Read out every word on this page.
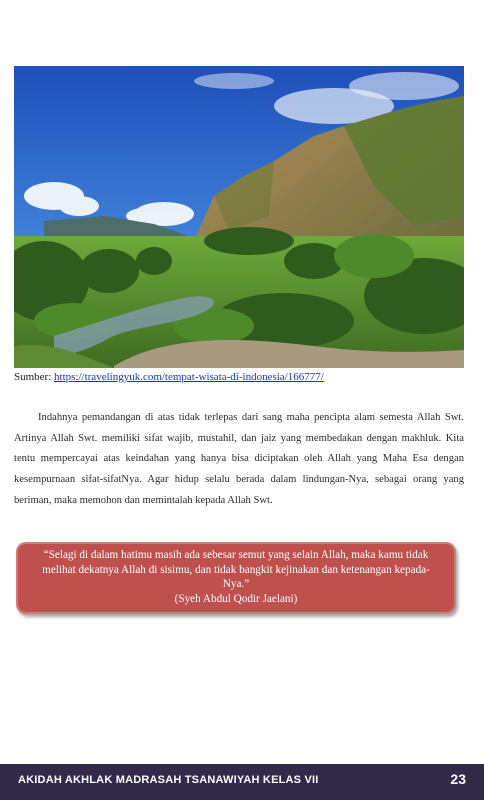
Sumber: https://travelingyuk.com/tempat-wisata-di-indonesia/166777/

Indahnya pemandangan di atas tidak terlepas dari sang maha pencipta alam semesta Allah Swt. Artinya Allah Swt. memiliki sifat wajib, mustahil, dan jaiz yang membedakan dengan makhluk. Kita tentu mempercayai atas keindahan yang hanya bisa diciptakan oleh Allah yang Maha Esa dengan kesempurnaan sifat-sifatNya. Agar hidup selalu berada dalam lindungan-Nya, sebagai orang yang beriman, maka memohon dan memintalah kepada Allah Swt.

“Selagi di dalam hatimu masih ada sebesar semut yang selain Allah, maka kamu tidak melihat dekatnya Allah di sisimu, dan tidak bangkit kejinakan dan ketenangan kepada-Nya.”
(Syeh Abdul Qodir Jaelani)
AKIDAH AKHLAK MADRASAH TSANAWIYAH KELAS VII	23
